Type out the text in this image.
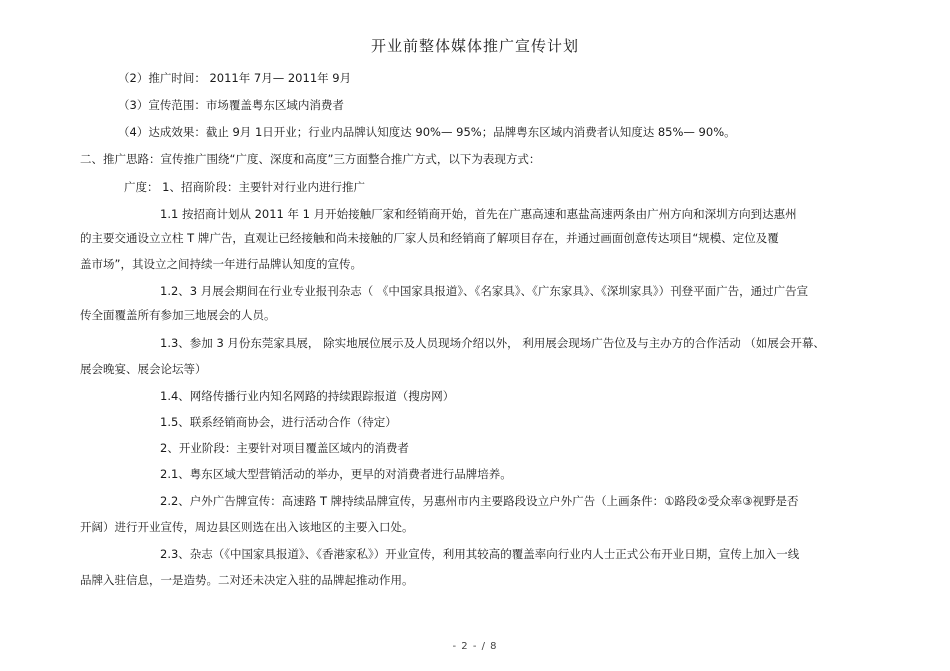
开业前整体媒体推广宣传计划
（2）推广时间： 2011年 7月— 2011年 9月
（3）宣传范围：市场覆盖粤东区域内消费者
（4）达成效果：截止 9月 1日开业；行业内品牌认知度达 90%— 95%；品牌粤东区域内消费者认知度达 85%— 90%。
二、推广思路：宣传推广围绕“广度、深度和高度”三方面整合推广方式，以下为表现方式：
广度： 1、招商阶段：主要针对行业内进行推广
1.1 按招商计划从 2011 年 1 月开始接触厂家和经销商开始，首先在广惠高速和惠盐高速两条由广州方向和深圳方向到达惠州
的主要交通设立立柱 T 牌广告，直观让已经接触和尚未接触的厂家人员和经销商了解项目存在，并通过画面创意传达项目“规模、定位及覆
盖市场”，其设立之间持续一年进行品牌认知度的宣传。
1.2、3 月展会期间在行业专业报刊杂志（ 《中国家具报道》、《名家具》、《广东家具》、《深圳家具》）刊登平面广告，通过广告宣
传全面覆盖所有参加三地展会的人员。
1.3、参加 3 月份东莞家具展， 除实地展位展示及人员现场介绍以外， 利用展会现场广告位及与主办方的合作活动 （如展会开幕、
展会晚宴、展会论坛等）
1.4、网络传播行业内知名网路的持续跟踪报道（搜房网）
1.5、联系经销商协会，进行活动合作（待定）
2、开业阶段：主要针对项目覆盖区域内的消费者
2.1、粤东区域大型营销活动的举办，更早的对消费者进行品牌培养。
2.2、户外广告牌宣传：高速路 T 牌持续品牌宣传，另惠州市内主要路段设立户外广告（上画条件：①路段②受众率③视野是否
开阔）进行开业宣传，周边县区则选在出入该地区的主要入口处。
2.3、杂志（《中国家具报道》、《香港家私》）开业宣传，利用其较高的覆盖率向行业内人士正式公布开业日期，宣传上加入一线
品牌入驻信息，一是造势。二对还未决定入驻的品牌起推动作用。
- 2 - / 8
